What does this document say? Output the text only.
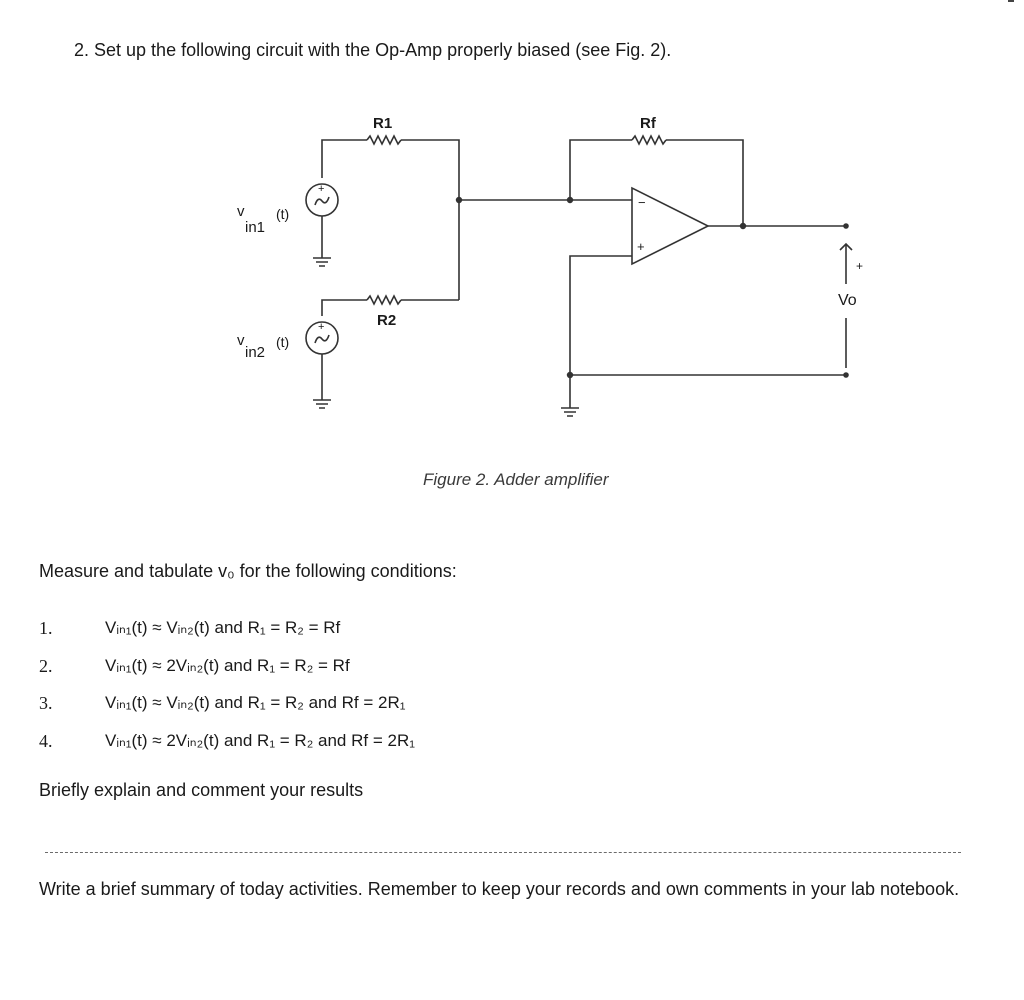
2. Set up the following circuit with the Op-Amp properly biased (see Fig. 2).
R1	Rf
R2
+
+
−
+
+
Vo
v
in1
(t)
v
in2
(t)
Figure 2. Adder amplifier
Measure and tabulate v₀ for the following conditions:
1.	Vᵢₙ₁(t) ≈ Vᵢₙ₂(t) and R₁ = R₂ = Rf
2.	Vᵢₙ₁(t) ≈ 2Vᵢₙ₂(t) and R₁ = R₂ = Rf
3.	Vᵢₙ₁(t) ≈ Vᵢₙ₂(t) and R₁ = R₂ and Rf = 2R₁
4.	Vᵢₙ₁(t) ≈ 2Vᵢₙ₂(t) and R₁ = R₂ and Rf = 2R₁
Briefly explain and comment your results
Write a brief summary of today activities. Remember to keep your records and own comments in your lab notebook.
